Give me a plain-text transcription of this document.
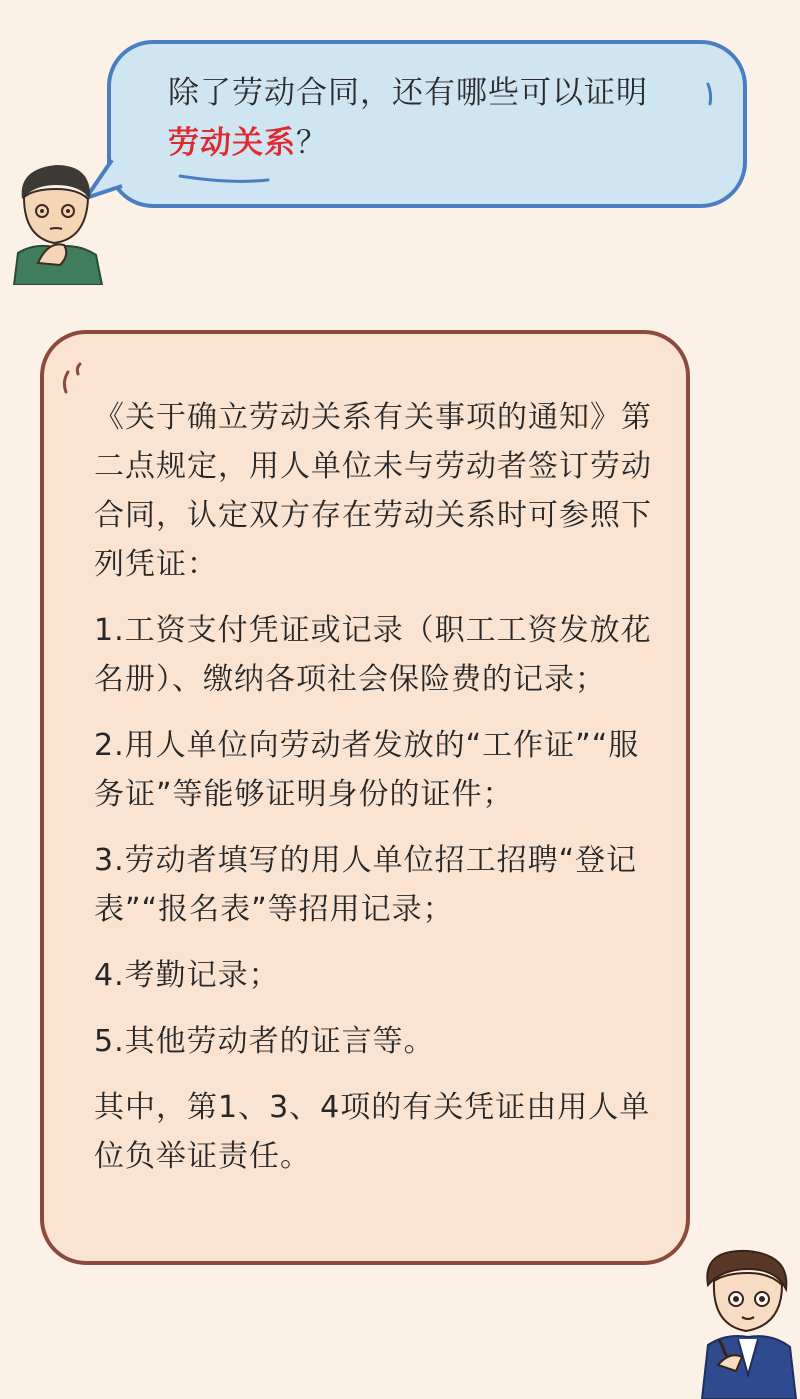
除了劳动合同，还有哪些可以证明
劳动关系？

《关于确立劳动关系有关事项的通知》第二点规定，用人单位未与劳动者签订劳动合同，认定双方存在劳动关系时可参照下列凭证：

1.工资支付凭证或记录（职工工资发放花名册）、缴纳各项社会保险费的记录；

2.用人单位向劳动者发放的“工作证”“服务证”等能够证明身份的证件；

3.劳动者填写的用人单位招工招聘“登记表”“报名表”等招用记录；

4.考勤记录；

5.其他劳动者的证言等。

其中，第1、3、4项的有关凭证由用人单位负举证责任。
